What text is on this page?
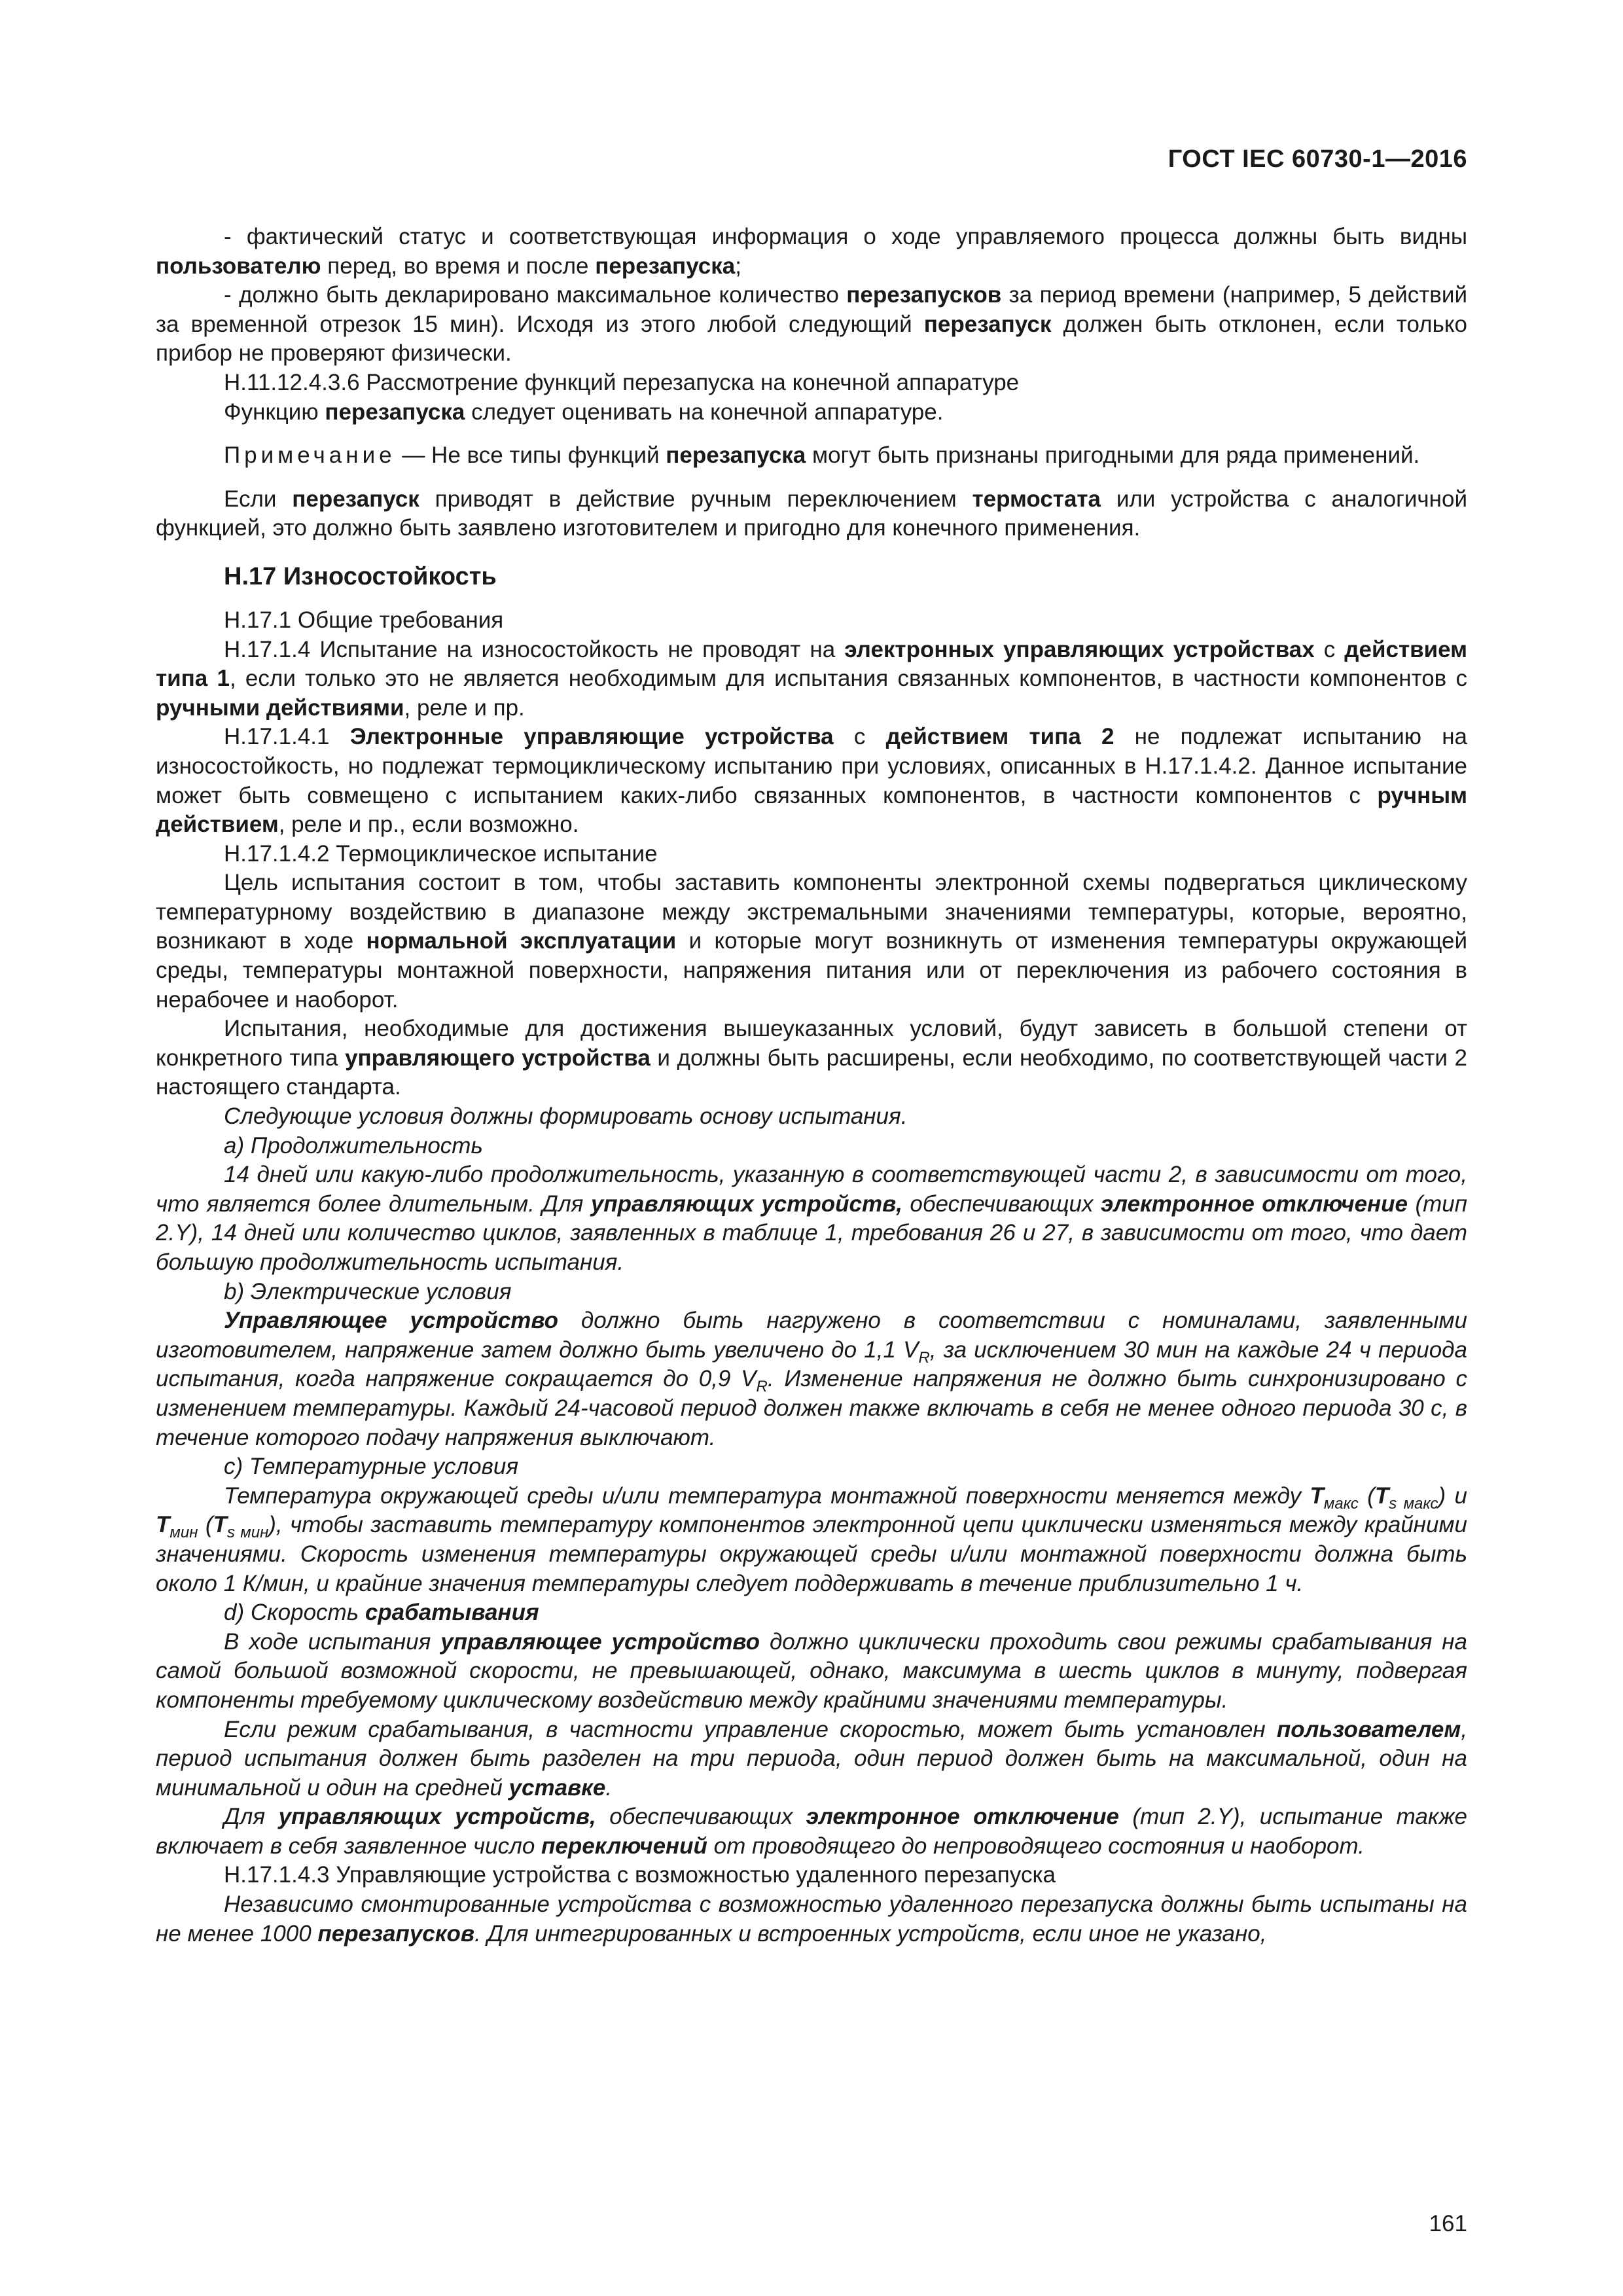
ГОСТ IEC 60730-1—2016

- фактический статус и соответствующая информация о ходе управляемого процесса должны быть видны пользователю перед, во время и после перезапуска;

- должно быть декларировано максимальное количество перезапусков за период времени (например, 5 действий за временной отрезок 15 мин). Исходя из этого любой следующий перезапуск должен быть отклонен, если только прибор не проверяют физически.

Н.11.12.4.3.6 Рассмотрение функций перезапуска на конечной аппаратуре

Функцию перезапуска следует оценивать на конечной аппаратуре.

Примечание — Не все типы функций перезапуска могут быть признаны пригодными для ряда применений.

Если перезапуск приводят в действие ручным переключением термостата или устройства с аналогичной функцией, это должно быть заявлено изготовителем и пригодно для конечного применения.

Н.17 Износостойкость

Н.17.1 Общие требования

Н.17.1.4 Испытание на износостойкость не проводят на электронных управляющих устройствах с действием типа 1, если только это не является необходимым для испытания связанных компонентов, в частности компонентов с ручными действиями, реле и пр.

Н.17.1.4.1 Электронные управляющие устройства с действием типа 2 не подлежат испытанию на износостойкость, но подлежат термоциклическому испытанию при условиях, описанных в Н.17.1.4.2. Данное испытание может быть совмещено с испытанием каких-либо связанных компонентов, в частности компонентов с ручным действием, реле и пр., если возможно.

Н.17.1.4.2 Термоциклическое испытание

Цель испытания состоит в том, чтобы заставить компоненты электронной схемы подвергаться циклическому температурному воздействию в диапазоне между экстремальными значениями температуры, которые, вероятно, возникают в ходе нормальной эксплуатации и которые могут возникнуть от изменения температуры окружающей среды, температуры монтажной поверхности, напряжения питания или от переключения из рабочего состояния в нерабочее и наоборот.

Испытания, необходимые для достижения вышеуказанных условий, будут зависеть в большой степени от конкретного типа управляющего устройства и должны быть расширены, если необходимо, по соответствующей части 2 настоящего стандарта.

Следующие условия должны формировать основу испытания.

а) Продолжительность

14 дней или какую-либо продолжительность, указанную в соответствующей части 2, в зависимости от того, что является более длительным. Для управляющих устройств, обеспечивающих электронное отключение (тип 2.Y), 14 дней или количество циклов, заявленных в таблице 1, требования 26 и 27, в зависимости от того, что дает большую продолжительность испытания.

b) Электрические условия

Управляющее устройство должно быть нагружено в соответствии с номиналами, заявленными изготовителем, напряжение затем должно быть увеличено до 1,1 $V_R$, за исключением 30 мин на каждые 24 ч периода испытания, когда напряжение сокращается до 0,9 $V_R$. Изменение напряжения не должно быть синхронизировано с изменением температуры. Каждый 24-часовой период должен также включать в себя не менее одного периода 30 с, в течение которого подачу напряжения выключают.

с) Температурные условия

Температура окружающей среды и/или температура монтажной поверхности меняется между $T_{макс}$ $(T_{s макс})$ и $T_{мин}$ $(T_{s мин})$, чтобы заставить температуру компонентов электронной цепи циклически изменяться между крайними значениями. Скорость изменения температуры окружающей среды и/или монтажной поверхности должна быть около 1 К/мин, и крайние значения температуры следует поддерживать в течение приблизительно 1 ч.

d) Скорость срабатывания

В ходе испытания управляющее устройство должно циклически проходить свои режимы срабатывания на самой большой возможной скорости, не превышающей, однако, максимума в шесть циклов в минуту, подвергая компоненты требуемому циклическому воздействию между крайними значениями температуры.

Если режим срабатывания, в частности управление скоростью, может быть установлен пользователем, период испытания должен быть разделен на три периода, один период должен быть на максимальной, один на минимальной и один на средней уставке.

Для управляющих устройств, обеспечивающих электронное отключение (тип 2.Y), испытание также включает в себя заявленное число переключений от проводящего до непроводящего состояния и наоборот.

Н.17.1.4.3 Управляющие устройства с возможностью удаленного перезапуска

Независимо смонтированные устройства с возможностью удаленного перезапуска должны быть испытаны на не менее 1000 перезапусков. Для интегрированных и встроенных устройств, если иное не указано,

161
